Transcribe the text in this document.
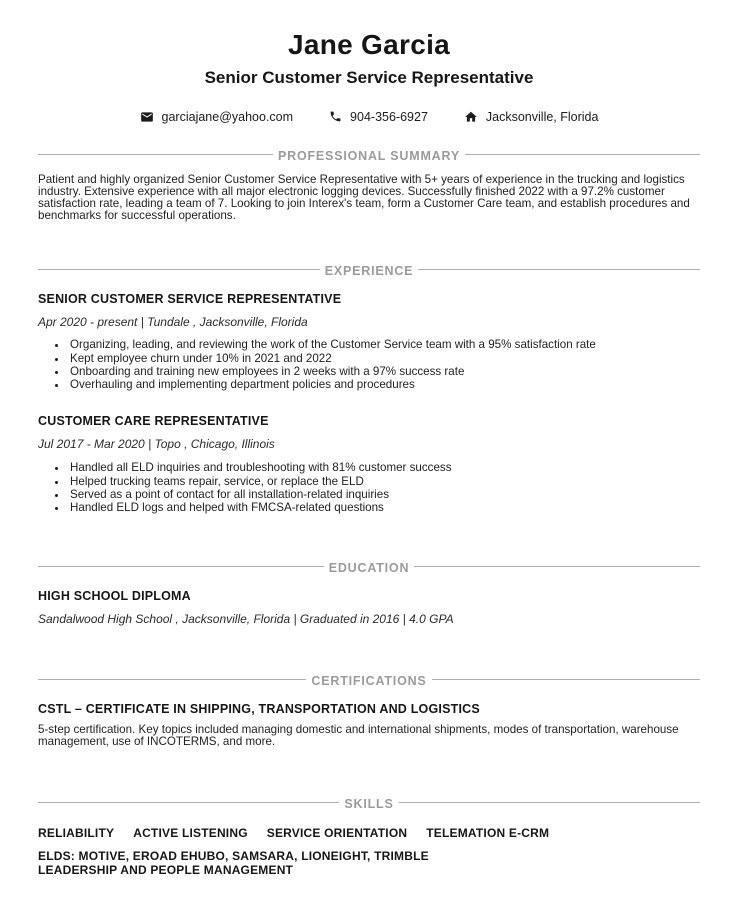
Jane Garcia
Senior Customer Service Representative
garciajane@yahoo.com	904-356-6927	Jacksonville, Florida
PROFESSIONAL SUMMARY

Patient and highly organized Senior Customer Service Representative with 5+ years of experience in the trucking and logistics industry. Extensive experience with all major electronic logging devices. Successfully finished 2022 with a 97.2% customer satisfaction rate, leading a team of 7. Looking to join Interex's team, form a Customer Care team, and establish procedures and benchmarks for successful operations.

EXPERIENCE
SENIOR CUSTOMER SERVICE REPRESENTATIVE

Apr 2020 - present | Tundale , Jacksonville, Florida

• Organizing, leading, and reviewing the work of the Customer Service team with a 95% satisfaction rate
• Kept employee churn under 10% in 2021 and 2022
• Onboarding and training new employees in 2 weeks with a 97% success rate
• Overhauling and implementing department policies and procedures
CUSTOMER CARE REPRESENTATIVE

Jul 2017 - Mar 2020 | Topo , Chicago, Illinois

• Handled all ELD inquiries and troubleshooting with 81% customer success
• Helped trucking teams repair, service, or replace the ELD
• Served as a point of contact for all installation-related inquiries
• Handled ELD logs and helped with FMCSA-related questions
EDUCATION
HIGH SCHOOL DIPLOMA

Sandalwood High School , Jacksonville, Florida | Graduated in 2016 | 4.0 GPA

CERTIFICATIONS
CSTL – CERTIFICATE IN SHIPPING, TRANSPORTATION AND LOGISTICS

5-step certification. Key topics included managing domestic and international shipments, modes of transportation, warehouse management, use of INCOTERMS, and more.

SKILLS
RELIABILITY ACTIVE LISTENING SERVICE ORIENTATION TELEMATION E-CRM
ELDS: MOTIVE, EROAD EHUBO, SAMSARA, LIONEIGHT, TRIMBLE
LEADERSHIP AND PEOPLE MANAGEMENT
